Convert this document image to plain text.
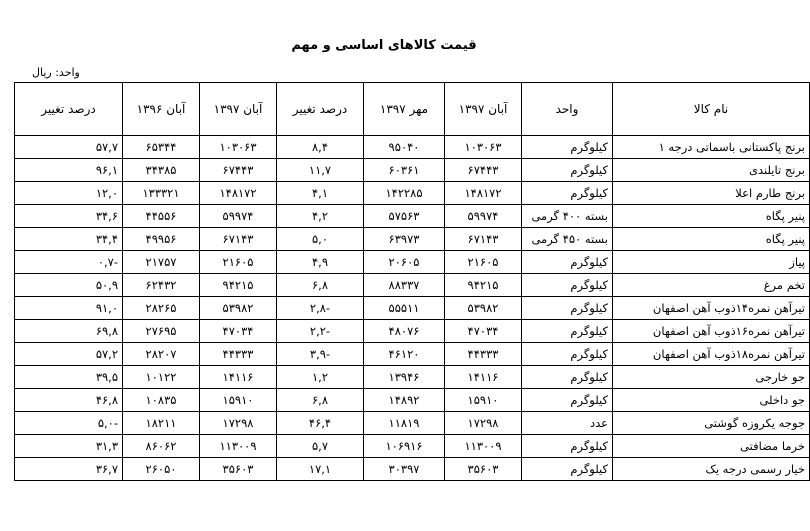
قیمت کالاهای اساسی و مهم
واحد: ریال
نام کالا	واحد	آبان ۱۳۹۷	مهر ۱۳۹۷	درصد تغییر	آبان ۱۳۹۷	آبان ۱۳۹۶	درصد تغییر
برنج پاکستانی باسماتی درجه ۱	کیلوگرم	۱۰۳۰۶۳	۹۵۰۴۰	۸,۴	۱۰۳۰۶۳	۶۵۳۴۴	۵۷,۷
برنج تایلندی	کیلوگرم	۶۷۴۴۳	۶۰۳۶۱	۱۱,۷	۶۷۴۴۳	۳۴۳۸۵	۹۶,۱
برنج طارم اعلا	کیلوگرم	۱۴۸۱۷۲	۱۴۲۲۸۵	۴,۱	۱۴۸۱۷۲	۱۳۳۳۲۱	۱۲,۰
پنیر پگاه	بسته ۴۰۰ گرمی	۵۹۹۷۴	۵۷۵۶۳	۴,۲	۵۹۹۷۴	۴۴۵۵۶	۳۴,۶
پنیر پگاه	بسته ۴۵۰ گرمی	۶۷۱۴۳	۶۳۹۷۳	۵,۰	۶۷۱۴۳	۴۹۹۵۶	۳۴,۴
پیاز	کیلوگرم	۲۱۶۰۵	۲۰۶۰۵	۴,۹	۲۱۶۰۵	۲۱۷۵۷	-۰,۷
تخم مرغ	کیلوگرم	۹۴۲۱۵	۸۸۳۳۷	۶,۸	۹۴۲۱۵	۶۲۴۳۲	۵۰,۹
تیرآهن نمره۱۴ذوب آهن اصفهان	کیلوگرم	۵۳۹۸۲	۵۵۵۱۱	-۲,۸	۵۳۹۸۲	۲۸۲۶۵	۹۱,۰
تیرآهن نمره۱۶ذوب آهن اصفهان	کیلوگرم	۴۷۰۳۴	۴۸۰۷۶	-۲,۲	۴۷۰۳۴	۲۷۶۹۵	۶۹,۸
تیرآهن نمره۱۸ذوب آهن اصفهان	کیلوگرم	۴۴۳۳۳	۴۶۱۲۰	-۳,۹	۴۴۳۳۳	۲۸۲۰۷	۵۷,۲
جو خارجی	کیلوگرم	۱۴۱۱۶	۱۳۹۴۶	۱,۲	۱۴۱۱۶	۱۰۱۲۲	۳۹,۵
جو داخلی	کیلوگرم	۱۵۹۱۰	۱۴۸۹۲	۶,۸	۱۵۹۱۰	۱۰۸۳۵	۴۶,۸
جوجه یکروزه گوشتی	عدد	۱۷۲۹۸	۱۱۸۱۹	۴۶,۴	۱۷۲۹۸	۱۸۲۱۱	-۵,۰
خرما مضافتی	کیلوگرم	۱۱۳۰۰۹	۱۰۶۹۱۶	۵,۷	۱۱۳۰۰۹	۸۶۰۶۲	۳۱,۳
خیار رسمی درجه یک	کیلوگرم	۳۵۶۰۳	۳۰۳۹۷	۱۷,۱	۳۵۶۰۳	۲۶۰۵۰	۳۶,۷
